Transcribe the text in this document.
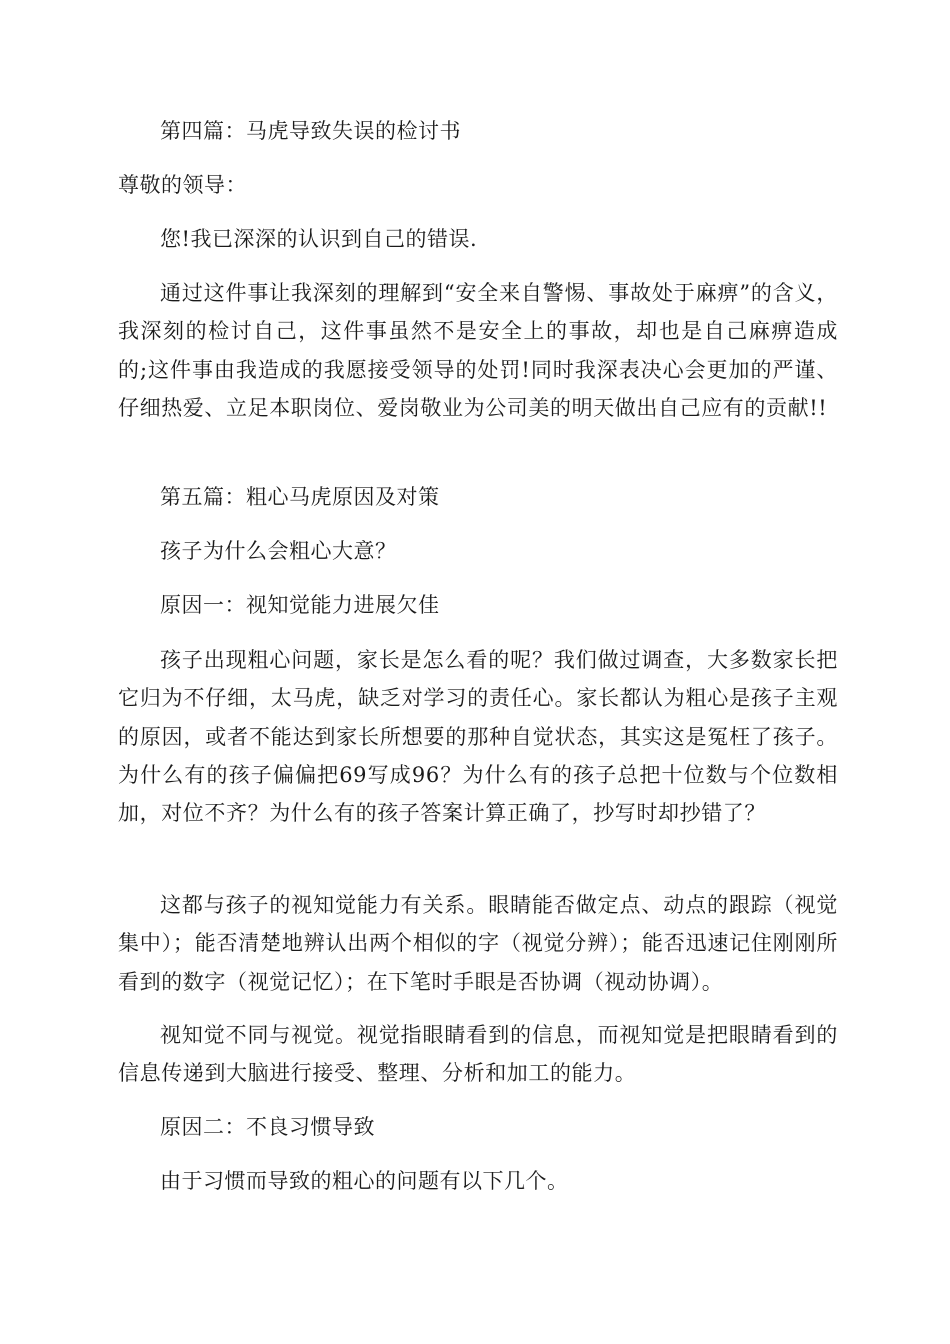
第四篇：马虎导致失误的检讨书
尊敬的领导：
您!我已深深的认识到自己的错误.
通过这件事让我深刻的理解到“安全来自警惕、事故处于麻痹”的含义，我深刻的检讨自己，这件事虽然不是安全上的事故，却也是自己麻痹造成的;这件事由我造成的我愿接受领导的处罚!同时我深表决心会更加的严谨、仔细热爱、立足本职岗位、爱岗敬业为公司美的明天做出自己应有的贡献!!
第五篇：粗心马虎原因及对策
孩子为什么会粗心大意？
原因一：视知觉能力进展欠佳
孩子出现粗心问题，家长是怎么看的呢？我们做过调查，大多数家长把它归为不仔细，太马虎，缺乏对学习的责任心。家长都认为粗心是孩子主观的原因，或者不能达到家长所想要的那种自觉状态，其实这是冤枉了孩子。为什么有的孩子偏偏把69写成96？为什么有的孩子总把十位数与个位数相加，对位不齐？为什么有的孩子答案计算正确了，抄写时却抄错了？
这都与孩子的视知觉能力有关系。眼睛能否做定点、动点的跟踪（视觉集中）；能否清楚地辨认出两个相似的字（视觉分辨）；能否迅速记住刚刚所看到的数字（视觉记忆）；在下笔时手眼是否协调（视动协调）。
视知觉不同与视觉。视觉指眼睛看到的信息，而视知觉是把眼睛看到的信息传递到大脑进行接受、整理、分析和加工的能力。
原因二：不良习惯导致
由于习惯而导致的粗心的问题有以下几个。
